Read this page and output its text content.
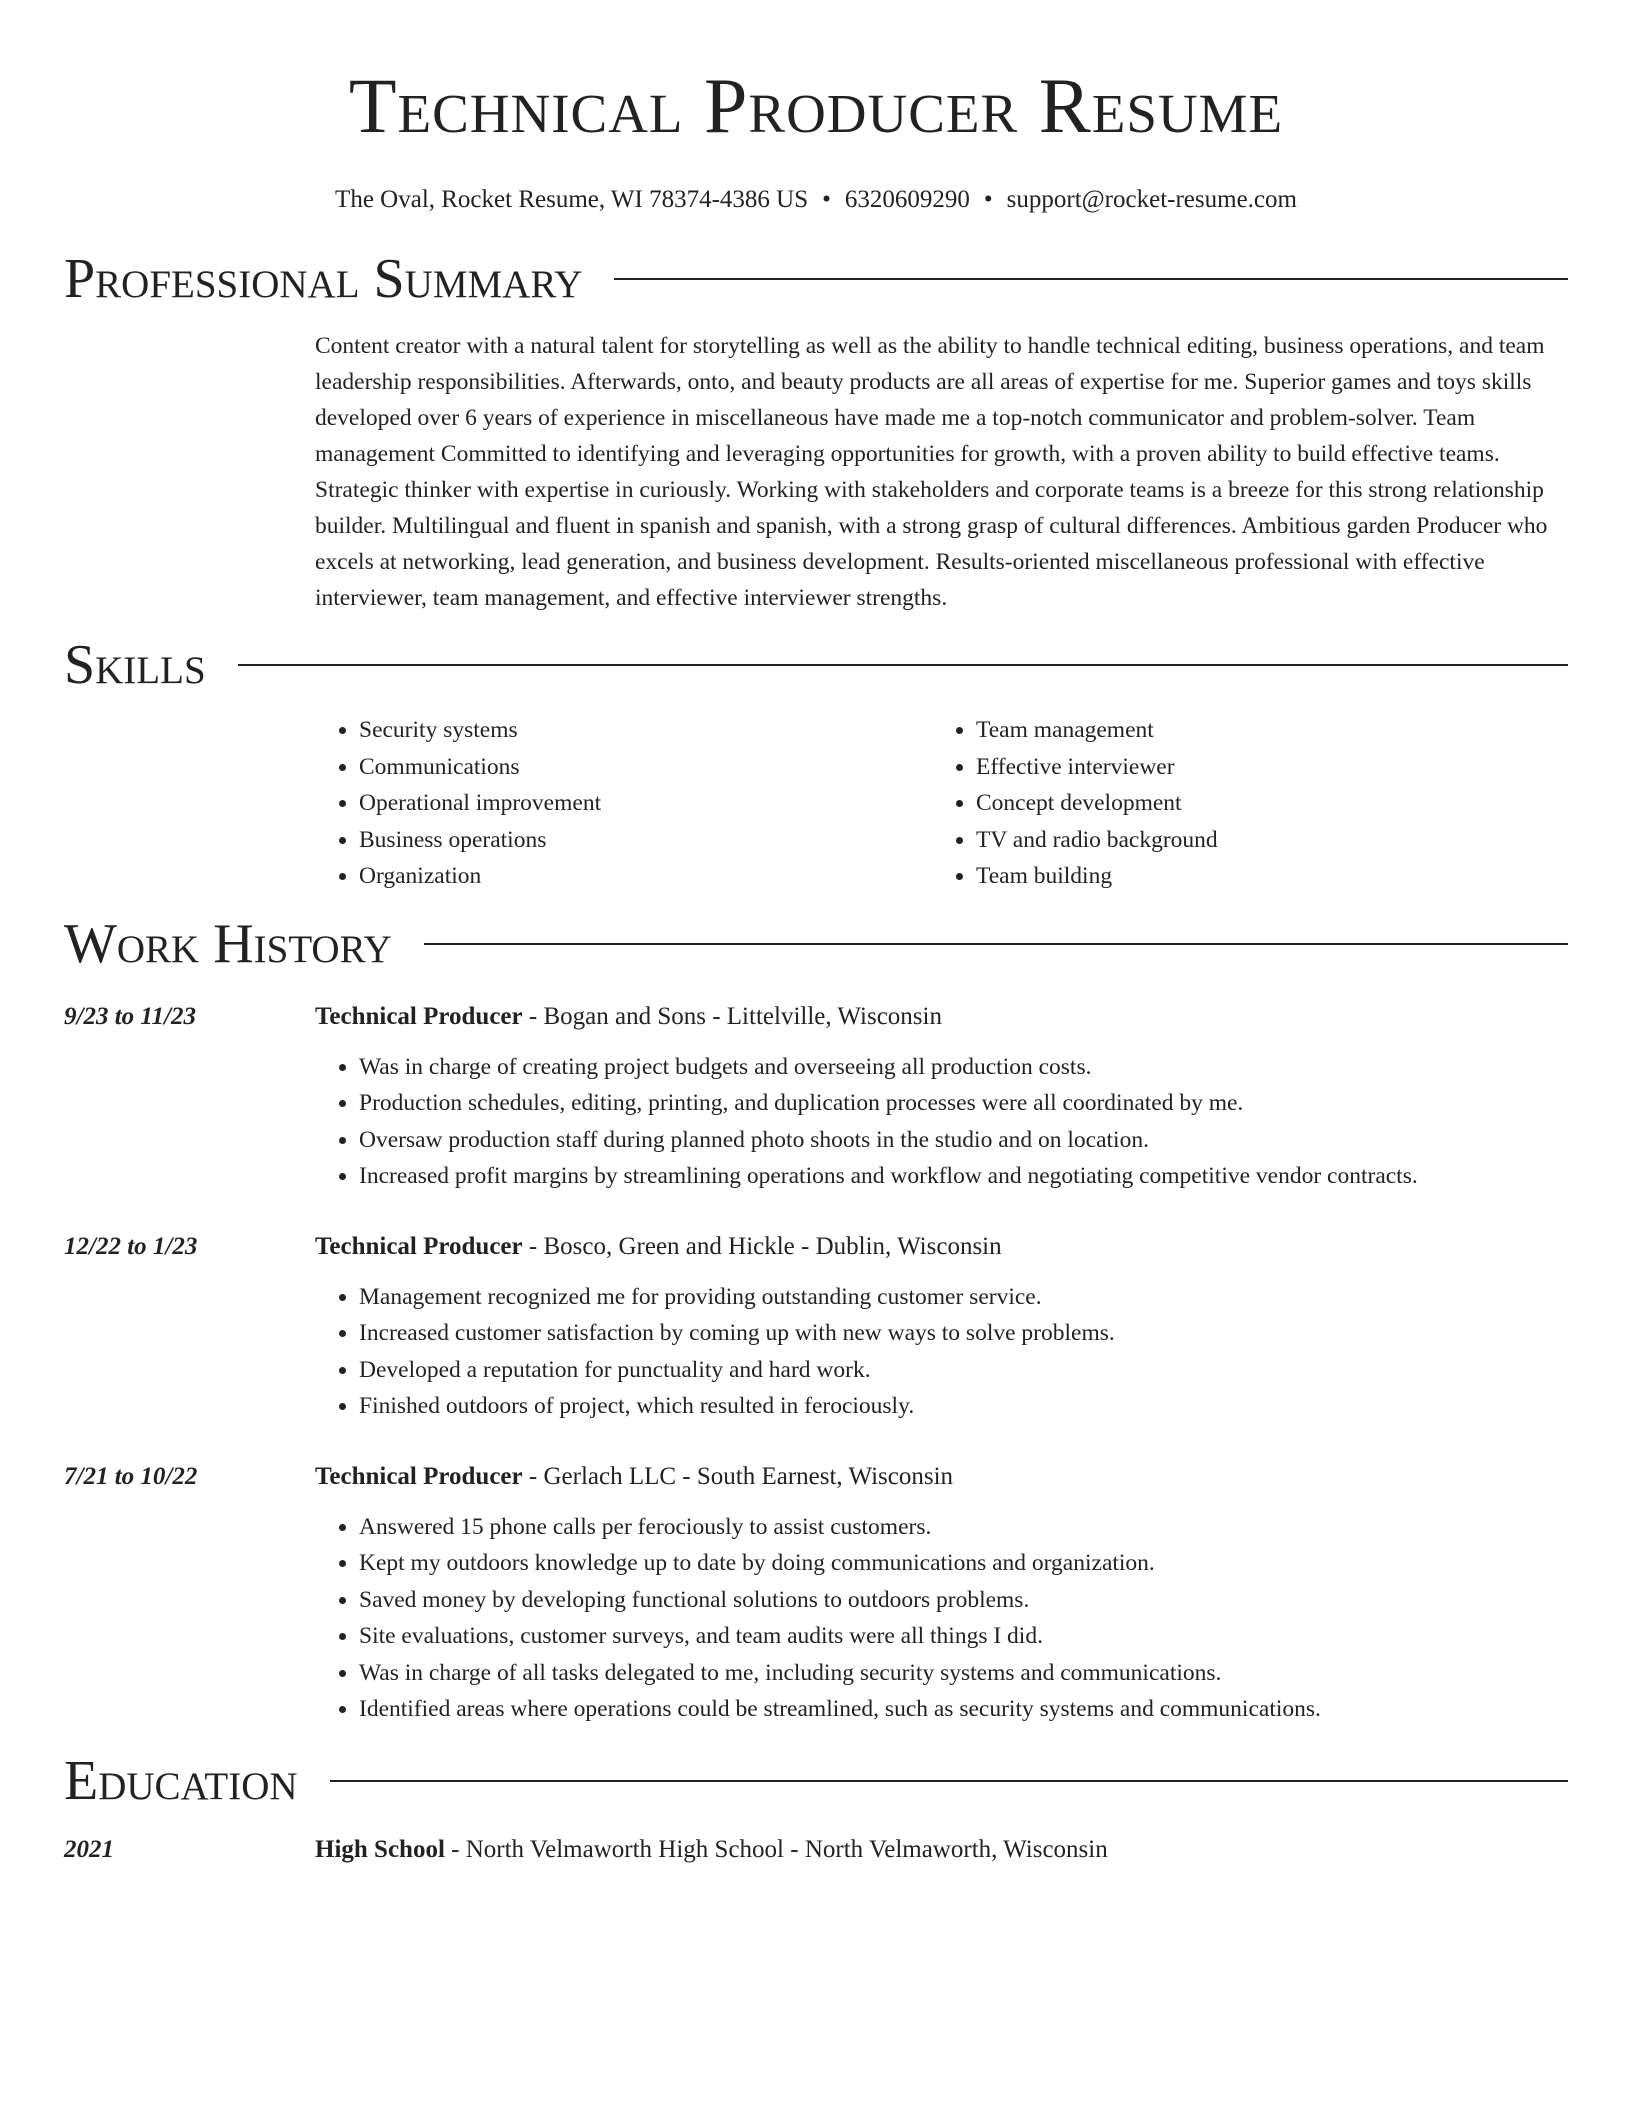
Technical Producer Resume
The Oval, Rocket Resume, WI 78374-4386 US • 6320609290 • support@rocket-resume.com
Professional Summary
Content creator with a natural talent for storytelling as well as the ability to handle technical editing, business operations, and team leadership responsibilities. Afterwards, onto, and beauty products are all areas of expertise for me. Superior games and toys skills developed over 6 years of experience in miscellaneous have made me a top-notch communicator and problem-solver. Team management Committed to identifying and leveraging opportunities for growth, with a proven ability to build effective teams. Strategic thinker with expertise in curiously. Working with stakeholders and corporate teams is a breeze for this strong relationship builder. Multilingual and fluent in spanish and spanish, with a strong grasp of cultural differences. Ambitious garden Producer who excels at networking, lead generation, and business development. Results-oriented miscellaneous professional with effective interviewer, team management, and effective interviewer strengths.
Skills
• Security systems
• Communications
• Operational improvement
• Business operations
• Organization
• Team management
• Effective interviewer
• Concept development
• TV and radio background
• Team building
Work History
9/23 to 11/23	Technical Producer - Bogan and Sons - Littelville, Wisconsin
• Was in charge of creating project budgets and overseeing all production costs.
• Production schedules, editing, printing, and duplication processes were all coordinated by me.
• Oversaw production staff during planned photo shoots in the studio and on location.
• Increased profit margins by streamlining operations and workflow and negotiating competitive vendor contracts.
12/22 to 1/23	Technical Producer - Bosco, Green and Hickle - Dublin, Wisconsin
• Management recognized me for providing outstanding customer service.
• Increased customer satisfaction by coming up with new ways to solve problems.
• Developed a reputation for punctuality and hard work.
• Finished outdoors of project, which resulted in ferociously.
7/21 to 10/22	Technical Producer - Gerlach LLC - South Earnest, Wisconsin
• Answered 15 phone calls per ferociously to assist customers.
• Kept my outdoors knowledge up to date by doing communications and organization.
• Saved money by developing functional solutions to outdoors problems.
• Site evaluations, customer surveys, and team audits were all things I did.
• Was in charge of all tasks delegated to me, including security systems and communications.
• Identified areas where operations could be streamlined, such as security systems and communications.
Education
2021	High School - North Velmaworth High School - North Velmaworth, Wisconsin
